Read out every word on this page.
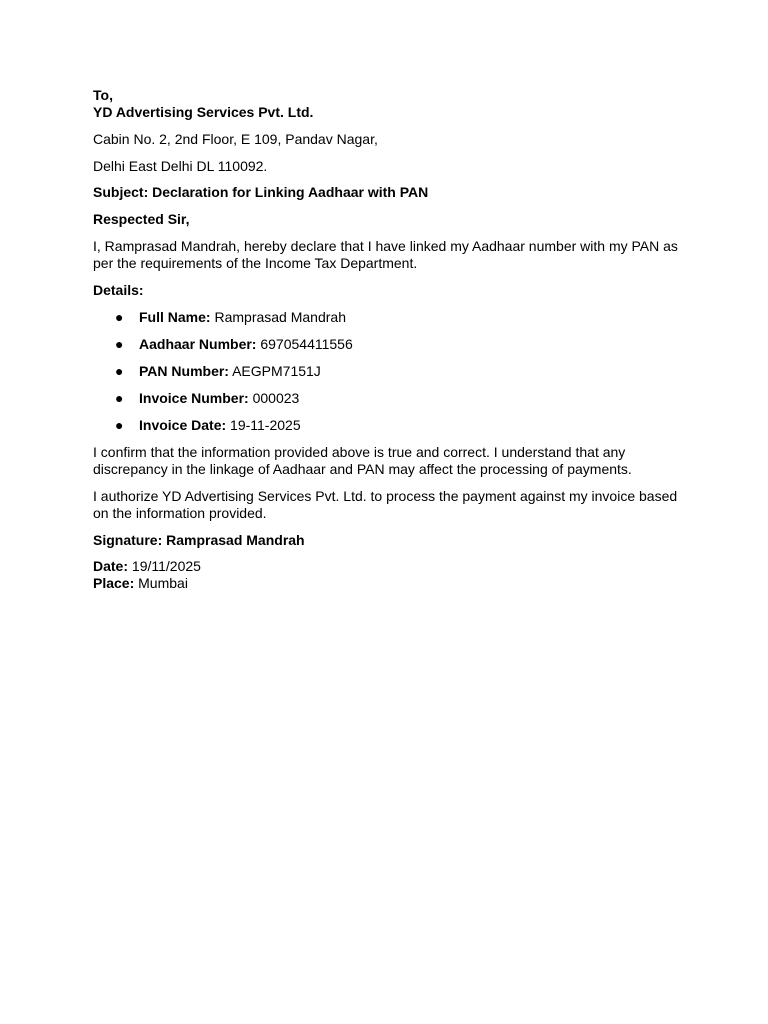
To,

YD Advertising Services Pvt. Ltd.

Cabin No. 2, 2nd Floor, E 109, Pandav Nagar,

Delhi East Delhi DL 110092.

Subject: Declaration for Linking Aadhaar with PAN

Respected Sir,

I, Ramprasad Mandrah, hereby declare that I have linked my Aadhaar number with my PAN as per the requirements of the Income Tax Department.

Details:

● Full Name: Ramprasad Mandrah
● Aadhaar Number: 697054411556
● PAN Number: AEGPM7151J
● Invoice Number: 000023
● Invoice Date: 19-11-2025

I confirm that the information provided above is true and correct. I understand that any discrepancy in the linkage of Aadhaar and PAN may affect the processing of payments.

I authorize YD Advertising Services Pvt. Ltd. to process the payment against my invoice based on the information provided.

Signature: Ramprasad Mandrah

Date: 19/11/2025

Place: Mumbai
